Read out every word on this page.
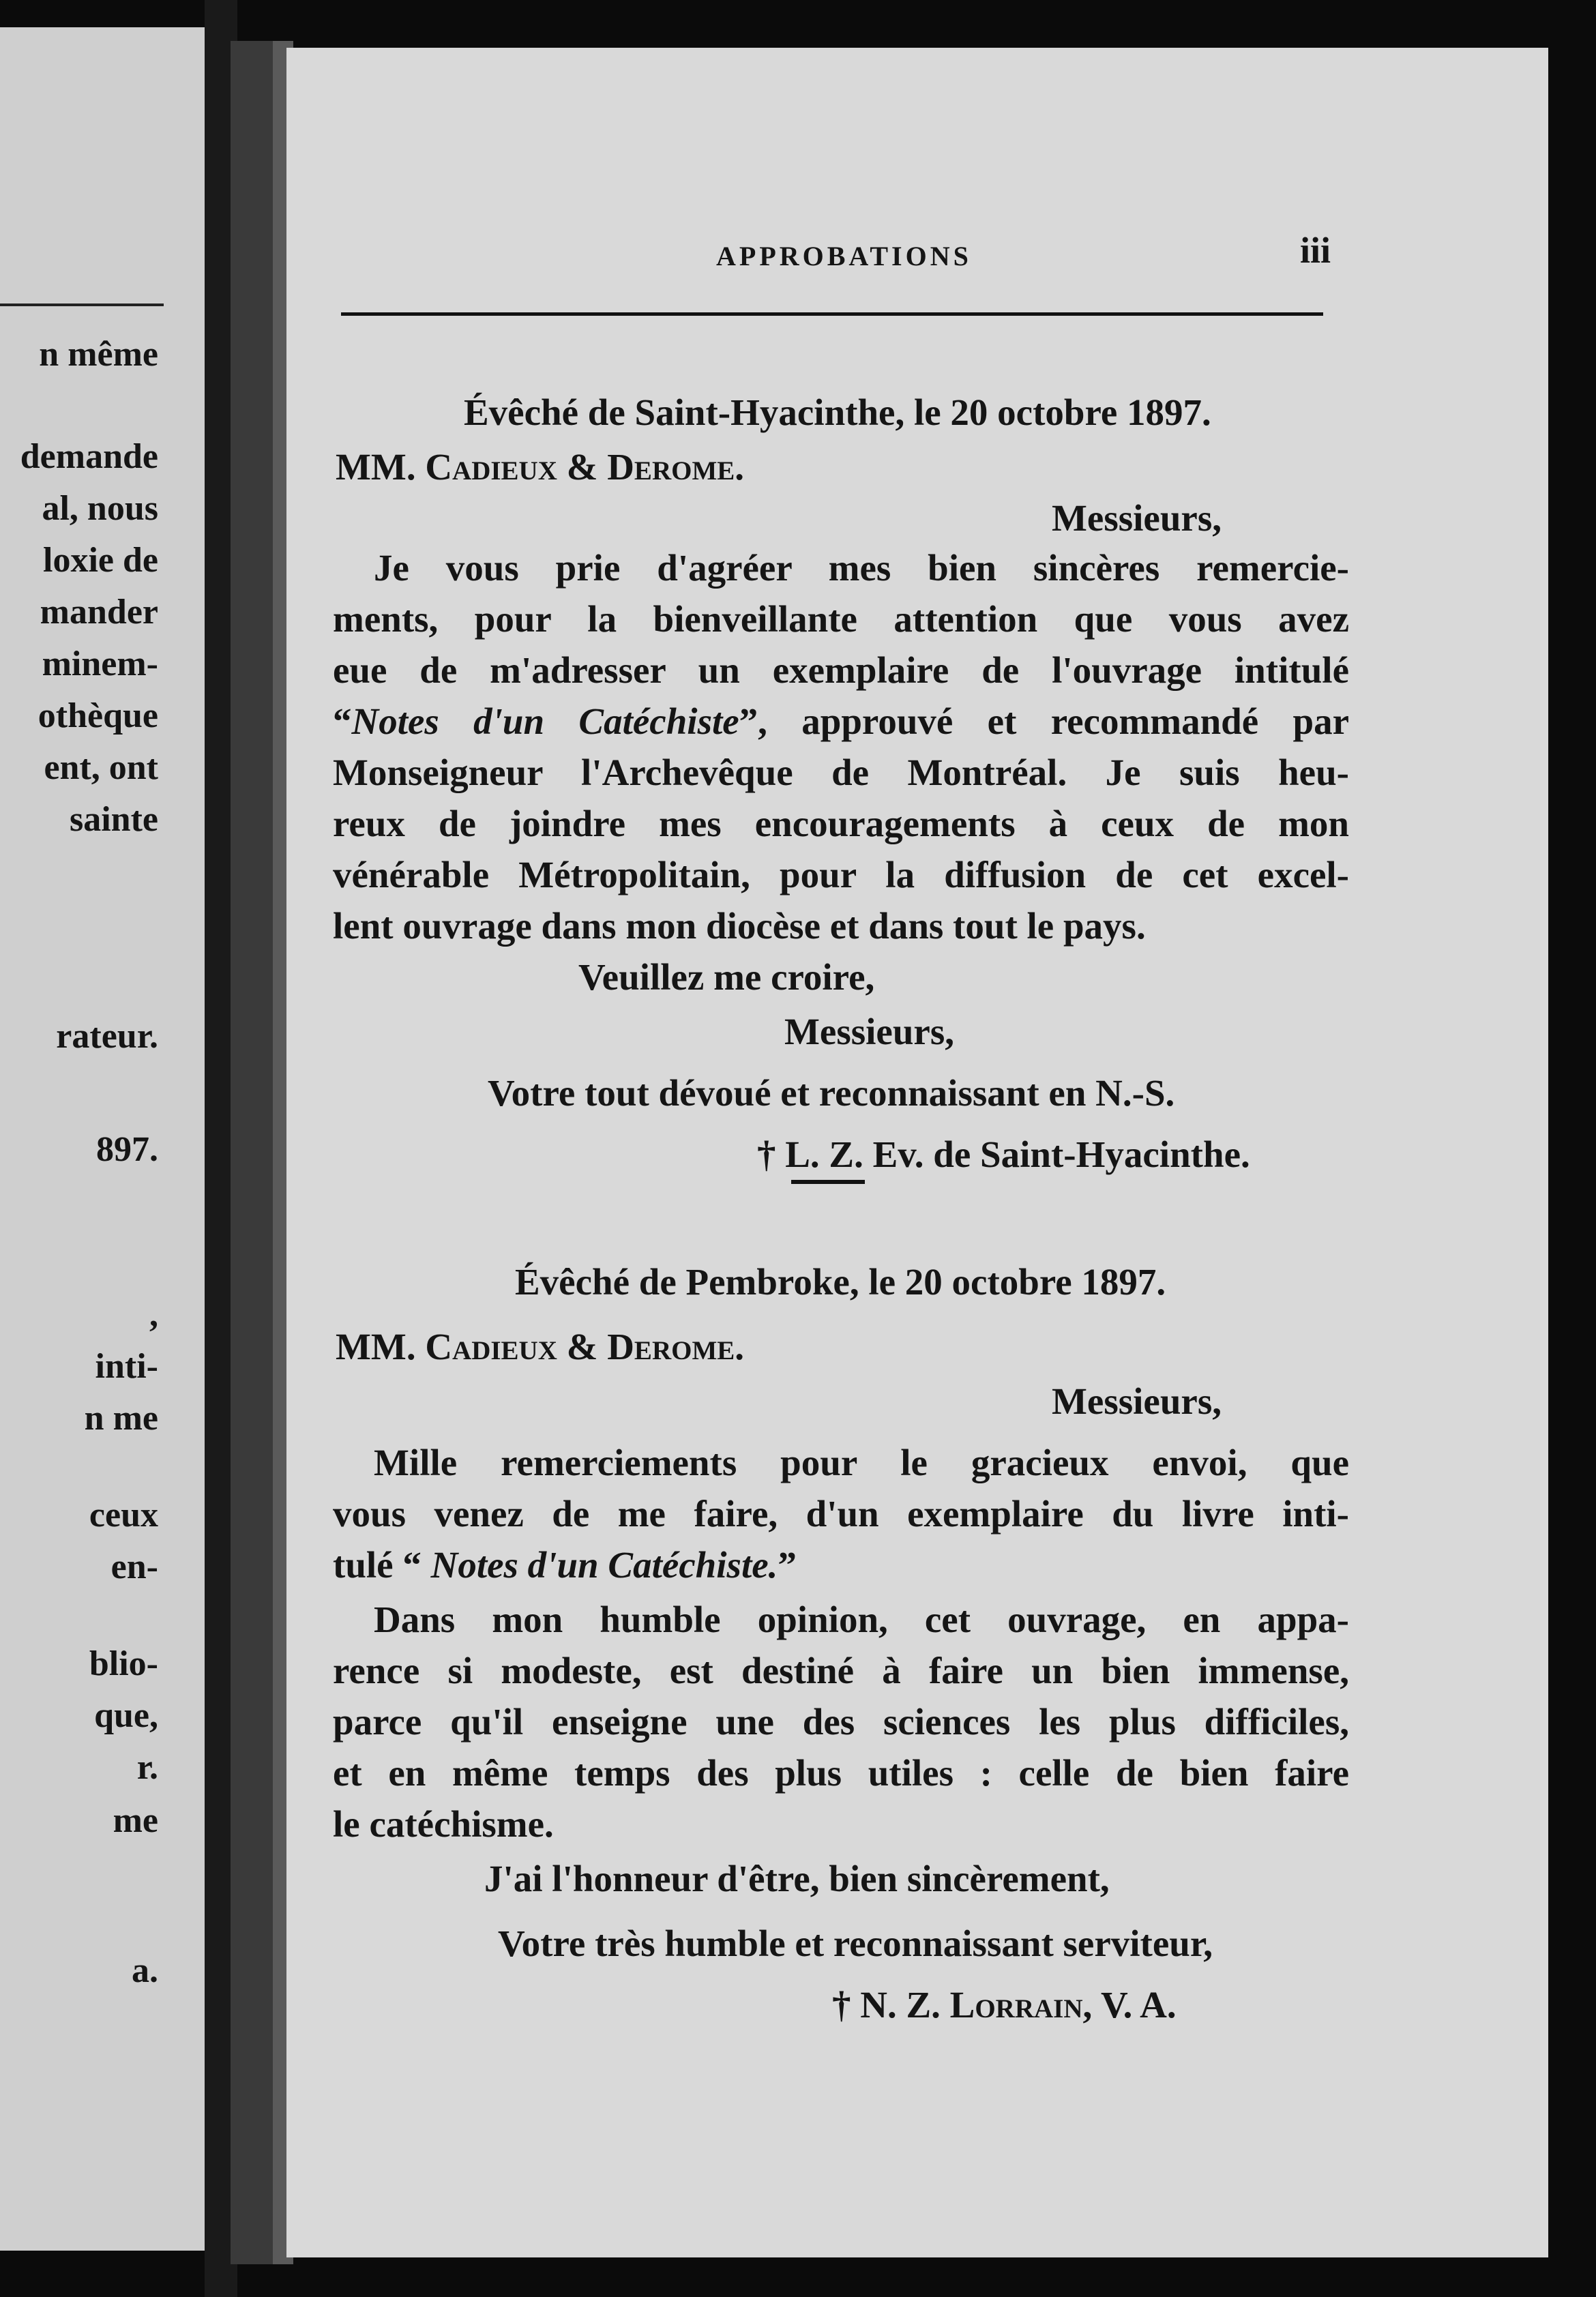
n même
demande
al, nous
loxie de
mander
minem-
othèque
ent, ont
sainte
rateur.
897.
,
inti-
n me
ceux
en-
blio-
que,
r.
me
a.
APPROBATIONS	iii
Évêché de Saint-Hyacinthe, le 20 octobre 1897.
MM. Cadieux & Derome.
Messieurs,
Je vous prie d'agréer mes bien sincères remercie-
ments, pour la bienveillante attention que vous avez
eue de m'adresser un exemplaire de l'ouvrage intitulé
“Notes d'un Catéchiste”, approuvé et recommandé par
Monseigneur l'Archevêque de Montréal. Je suis heu-
reux de joindre mes encouragements à ceux de mon
vénérable Métropolitain, pour la diffusion de cet excel-
lent ouvrage dans mon diocèse et dans tout le pays.
Veuillez me croire,
Messieurs,
Votre tout dévoué et reconnaissant en N.-S.
† L. Z. Ev. de Saint-Hyacinthe.
Évêché de Pembroke, le 20 octobre 1897.
MM. Cadieux & Derome.
Messieurs,
Mille remerciements pour le gracieux envoi, que
vous venez de me faire, d'un exemplaire du livre inti-
tulé “ Notes d'un Catéchiste.”
Dans mon humble opinion, cet ouvrage, en appa-
rence si modeste, est destiné à faire un bien immense,
parce qu'il enseigne une des sciences les plus difficiles,
et en même temps des plus utiles : celle de bien faire
le catéchisme.
J'ai l'honneur d'être, bien sincèrement,
Votre très humble et reconnaissant serviteur,
† N. Z. Lorrain, V. A.
